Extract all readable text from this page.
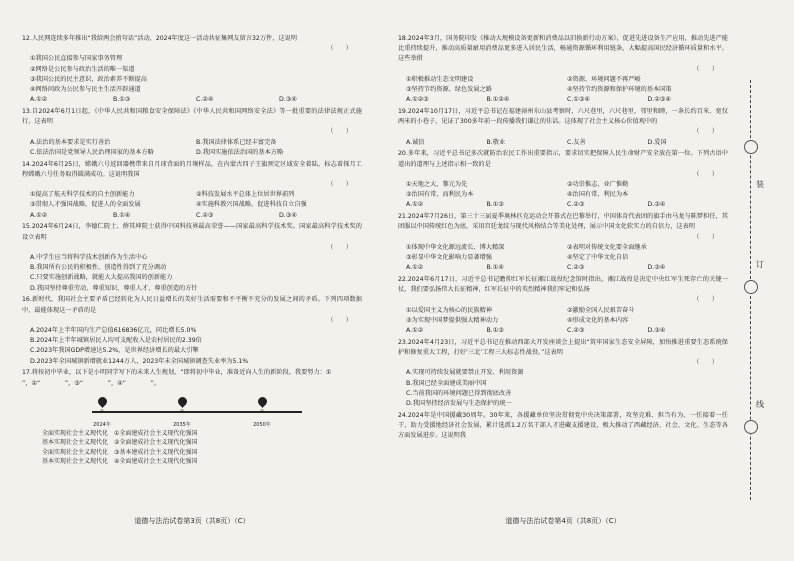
12.人民网连续多年推出“我给两会捎句话”活动，2024年度这一活动共征集网友留言32万件，这说明
（　　）
①我国公民直接参与国家事务管理
②网络是公民参与政治生活的唯一渠道
③我国公民的民主意识、政治素养不断提高
④网络问政为公民参与民主生活开辟通道
A.①②	B.①③	C.②④	D.③④
13.自2024年6月1日起，《中华人民共和国粮食安全保障法》《中华人民共和国网络安全法》等一批重要的法律法规正式施行，这表明
（　　）
A.法治的基本要求是实行善治	B.我国法律体系已经丰富完备
C.依法治国是党领导人民治理国家的基本方略	D.我国实施依法治国的基本方略
14.2024年6月25日，嫦娥六号返回器携带来自月球背面的月壤样品，在内蒙古四子王旗预定区域安全着陆，标志着探月工程嫦娥六号任务取得圆满成功。这说明我国
（　　）
①提高了航天科学技术的自主创新能力	②科技发展水平总体上位居世界前列
③贯彻人才强国战略，促进人的全面发展	④实施科教兴国战略，促进科技自立自强
A.①②	B.①④	C.②③	D.③④
15.2024年6月24日，李德仁院士、薛其坤院士获得中国科技界最高荣誉——国家最高科学技术奖。国家最高科学技术奖的设立表明
（　　）
A.中学生应当将科学技术创新作为生活中心
B.我国所有公民的积极性、创造性得到了充分调动
C.只要实施创新战略，就能大大提高我国的创新能力
D.我国坚持尊重劳动、尊重知识、尊重人才、尊重创造的方针
16.新时代，我国社会主要矛盾已经转化为人民日益增长的美好生活需要和不平衡不充分的发展之间的矛盾。下列四项数据中，最能体现这一矛盾的是
（　　）
A.2024年上半年国内生产总值616836亿元，同比增长5.0%
B.2024年上半年城镇居民人均可支配收入是农村居民的2.39倍
C.2023年我国GDP增速达5.2%，是世界经济增长的最大引擎
D.2023年全国城镇新增就业1244万人，2023年末全国城镇调查失业率为5.1%
17.将按初中毕业，以下是小明同学写下的未来人生规划，“即将初中毕业，准备近向人生的新阶段。我要努力：①
”，②“　　　　”，③“　　　　”，④“　　　　”。
①
2024年
②
2035年
③
2050年
全面实现社会主义现代化　①全面建成社会主义现代化强国
基本实现社会主义现代化　②全面建成社会主义现代化强国
全面实现社会主义现代化　③基本建成社会主义现代化强国
基本实现社会主义现代化　④全面建成社会主义现代化强国
道德与法治试卷第3页（共8页）（C）
18.2024年3月，国务院印发《推动大规模设备更新和消费品以旧换新行动方案》，促进先进设备生产应用，推动先进产能比重持续提升，推动高质量耐用消费品更多进入居民生活，畅通资源循环利用链条，大幅提高国民经济循环质量和水平。这些举措
（　　）
①积极推动生态文明建设	②资源、环境问题不再严峻
③坚持节约资源、绿色发展之路	④坚持节约资源和保护环境的基本国策
A.①②③	B.①②④	C.①③④	D.②③④
19.2024年10月17日，习近平总书记在福建漳州东山县考察时，六尺巷里，六尺巷里，邻里和睦，一条长约百米、宽仅两米的小巷子，见证了300多年前一段传播我们谦让的佳话。这体现了社会主义核心价值观中的
（　　）
A.诚信	B.敬业	C.友善	D.爱国
20.多年来，习近平总书记多次就防治农民工作出重要指示，要求切实把保障人民生命财产安全放在第一位。下列古语中道出的道理与上述指示相一致的是
（　　）
①天地之大，黎元为先	②功崇惟志，业广惟勤
③治国有常，而利民为本	④治国有常，利民为本
A.①②	B.①③	C.②③	D.③④
21.2024年7月26日，第三十三届夏季奥林匹克运动会开幕式在巴黎举行，中国体育代表团的旗手由马龙与陈梦担任，其团服以中国传统红色为底，采用宫廷龙纹与现代风格结合等美化处理，展示中国文化软实力的自信力，这表明
（　　）
①体现中华文化源远流长、博大精深	②表明对传统文化要全面继承
③彰显中华文化影响力显著增强	④坚定了中华文化自信
A.①②	B.①④	C.②③	D.③④
22.2024年6月17日，习近平总书记瞻仰红军长征湘江战役纪念馆时指出，湘江战役是决定中央红军生死存亡的关键一仗，我们要弘扬伟大长征精神，红军长征中的英烈精神我们牢记和弘扬
（　　）
①以爱国主义为核心的民族精神	②激励全国人民艰苦奋斗
③为实现中国梦提供强大精神动力	④形成文化的基本内容
A.①②	B.①③	C.②③	D.③④
23.2024年4月23日，习近平总书记在推动西部大开发座谈会上提出“筑牢国家生态安全屏障，加快推进重要生态系统保护和修复重大工程，打好‘三北’工程三大标志性战役。”这表明
（　　）
A.实现可持续发展就要禁止开发、利用资源
B.我国已经全面建成美丽中国
C.当前我国的环境问题已得到彻底改善
D.我国坚持经济发展与生态保护的统一
24.2024年是中国援藏30周年。30年来，各援藏单位坚决贯彻党中央决策部署，攻坚克难、担当有为、一任接着一任干，助力受援地经济社会发展，累计选派1.2万名干部人才进藏支援建设，极大推动了西藏经济、社会、文化、生态等各方面发展进步。这说明我
道德与法治试卷第4页（共8页）（C）
装
订
线
